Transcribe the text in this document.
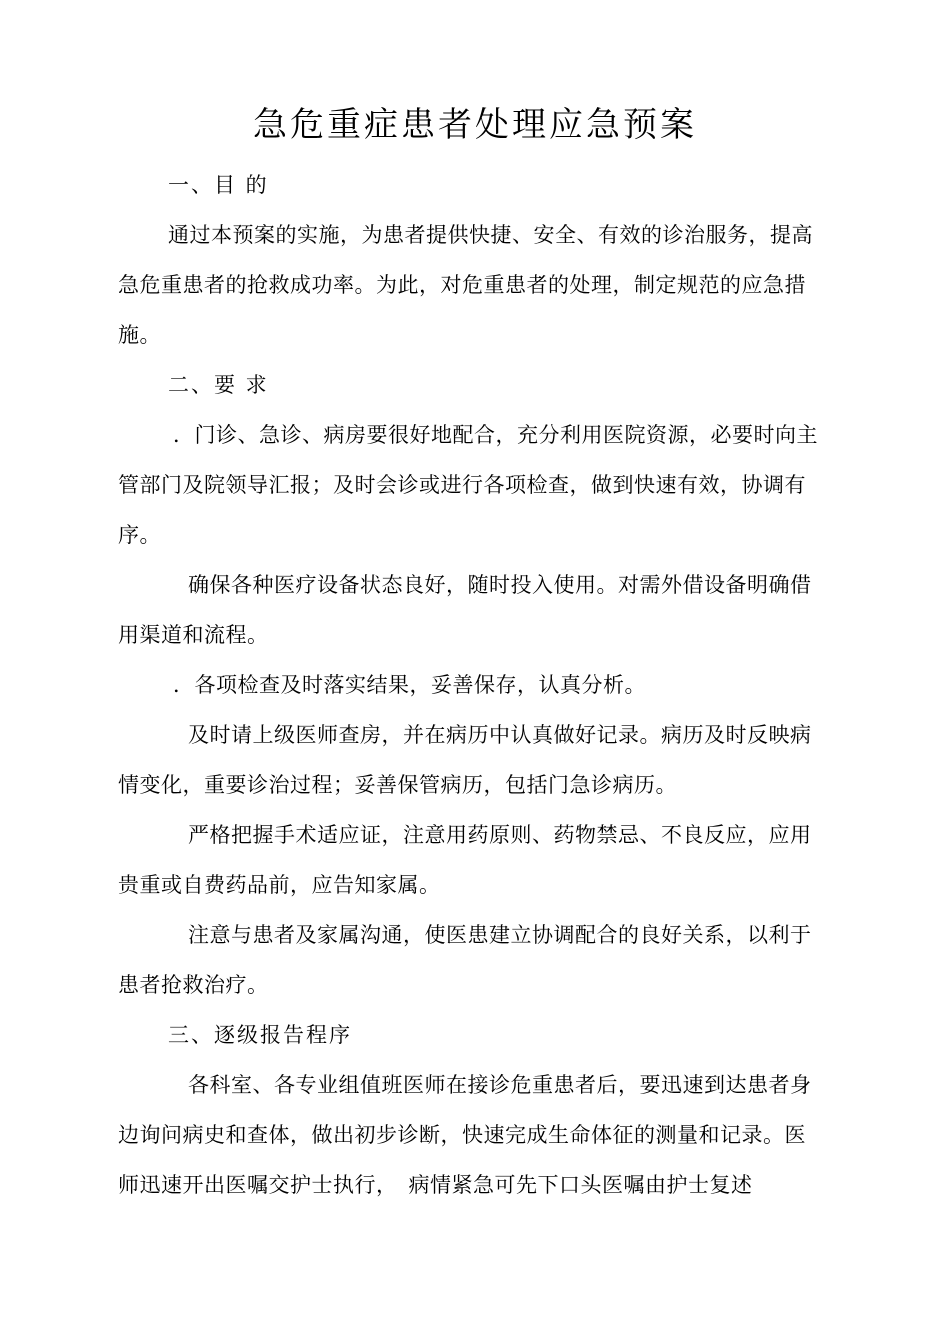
急危重症患者处理应急预案

一、目 的

通过本预案的实施，为患者提供快捷、安全、有效的诊治服务，提高急危重患者的抢救成功率。为此，对危重患者的处理，制定规范的应急措施。

二、要 求

．门诊、急诊、病房要很好地配合，充分利用医院资源，必要时向主管部门及院领导汇报；及时会诊或进行各项检查，做到快速有效，协调有序。

确保各种医疗设备状态良好，随时投入使用。对需外借设备明确借用渠道和流程。

．各项检查及时落实结果，妥善保存，认真分析。

及时请上级医师查房，并在病历中认真做好记录。病历及时反映病情变化，重要诊治过程；妥善保管病历，包括门急诊病历。

严格把握手术适应证，注意用药原则、药物禁忌、不良反应，应用贵重或自费药品前，应告知家属。

注意与患者及家属沟通，使医患建立协调配合的良好关系，以利于患者抢救治疗。

三、逐级报告程序

各科室、各专业组值班医师在接诊危重患者后，要迅速到达患者身边询问病史和查体，做出初步诊断，快速完成生命体征的测量和记录。医师迅速开出医嘱交护士执行，　病情紧急可先下口头医嘱由护士复述
